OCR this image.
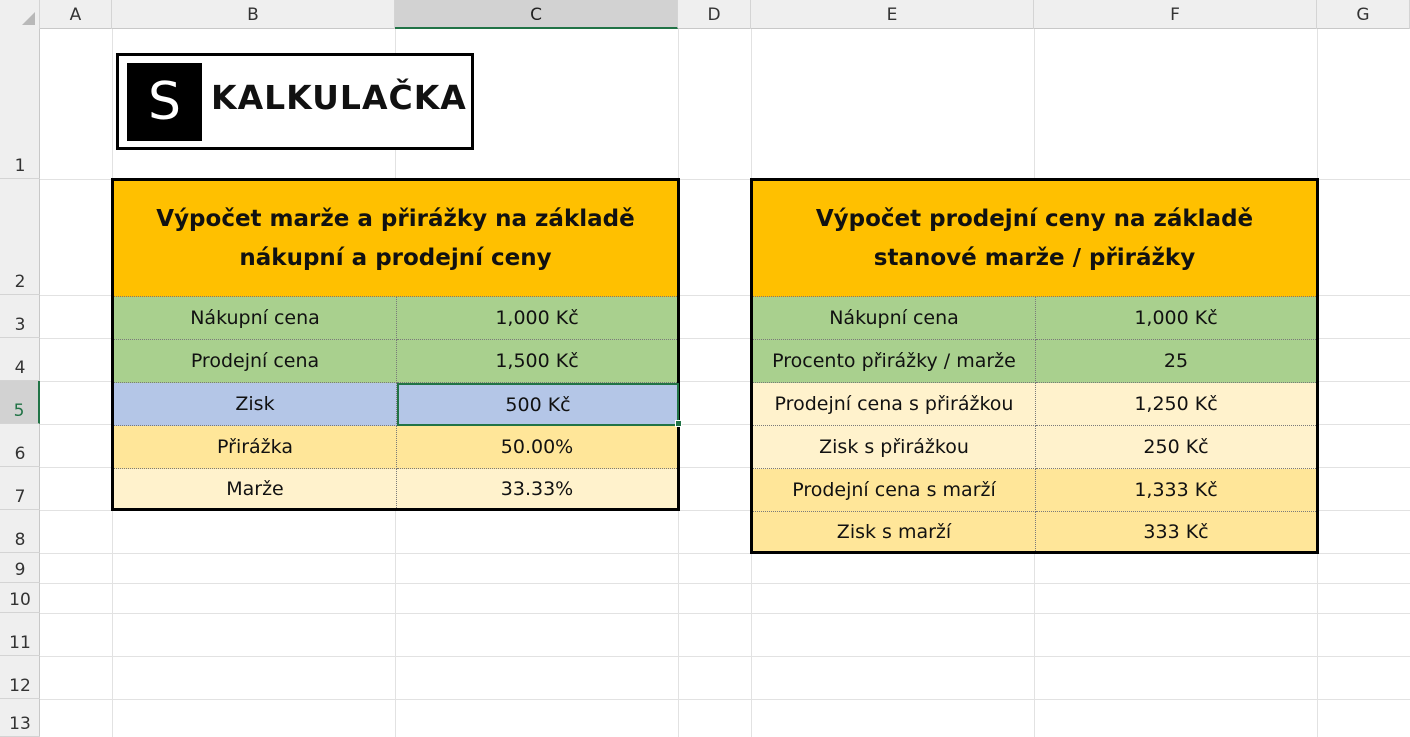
A	B	C	D	E	F	G
1
2
3
4
5
6
7
8
9
10
11
12
13
S KALKULAČKA
Výpočet marže a přirážky na základě nákupní a prodejní ceny
Nákupní cena	1,000 Kč
Prodejní cena	1,500 Kč
Zisk	500 Kč
Přirážka	50.00%
Marže	33.33%
Výpočet prodejní ceny na základě stanové marže / přirážky
Nákupní cena	1,000 Kč
Procento přirážky / marže	25
Prodejní cena s přirážkou	1,250 Kč
Zisk s přirážkou	250 Kč
Prodejní cena s marží	1,333 Kč
Zisk s marží	333 Kč
